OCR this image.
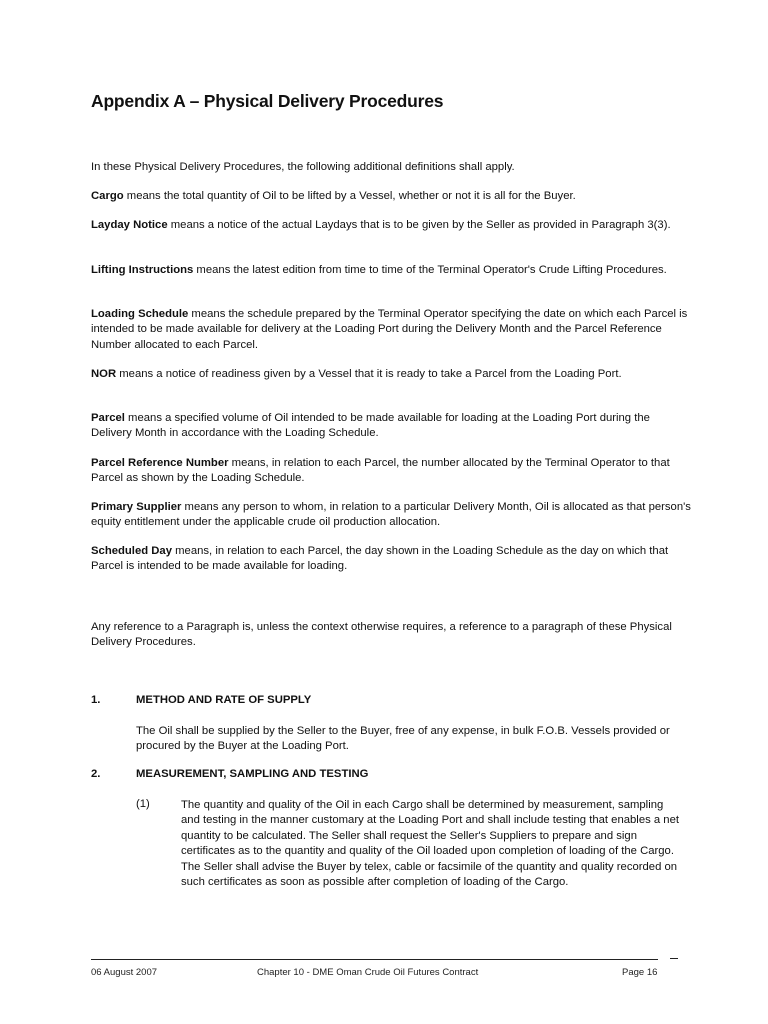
Appendix A – Physical Delivery Procedures
In these Physical Delivery Procedures, the following additional definitions shall apply.
Cargo means the total quantity of Oil to be lifted by a Vessel, whether or not it is all for the Buyer.
Layday Notice means a notice of the actual Laydays that is to be given by the Seller as provided in Paragraph 3(3).
Lifting Instructions means the latest edition from time to time of the Terminal Operator's Crude Lifting Procedures.
Loading Schedule means the schedule prepared by the Terminal Operator specifying the date on which each Parcel is intended to be made available for delivery at the Loading Port during the Delivery Month and the Parcel Reference Number allocated to each Parcel.
NOR means a notice of readiness given by a Vessel that it is ready to take a Parcel from the Loading Port.
Parcel means a specified volume of Oil intended to be made available for loading at the Loading Port during the Delivery Month in accordance with the Loading Schedule.
Parcel Reference Number means, in relation to each Parcel, the number allocated by the Terminal Operator to that Parcel as shown by the Loading Schedule.
Primary Supplier means any person to whom, in relation to a particular Delivery Month, Oil is allocated as that person's equity entitlement under the applicable crude oil production allocation.
Scheduled Day means, in relation to each Parcel, the day shown in the Loading Schedule as the day on which that Parcel is intended to be made available for loading.
Any reference to a Paragraph is, unless the context otherwise requires, a reference to a paragraph of these Physical Delivery Procedures.
1.	METHOD AND RATE OF SUPPLY
The Oil shall be supplied by the Seller to the Buyer, free of any expense, in bulk F.O.B. Vessels provided or procured by the Buyer at the Loading Port.
2.	MEASUREMENT, SAMPLING AND TESTING
(1)	The quantity and quality of the Oil in each Cargo shall be determined by measurement, sampling and testing in the manner customary at the Loading Port and shall include testing that enables a net quantity to be calculated. The Seller shall request the Seller's Suppliers to prepare and sign certificates as to the quantity and quality of the Oil loaded upon completion of loading of the Cargo. The Seller shall advise the Buyer by telex, cable or facsimile of the quantity and quality recorded on such certificates as soon as possible after completion of loading of the Cargo.
06 August 2007	Chapter 10 - DME Oman Crude Oil Futures Contract	Page 16
